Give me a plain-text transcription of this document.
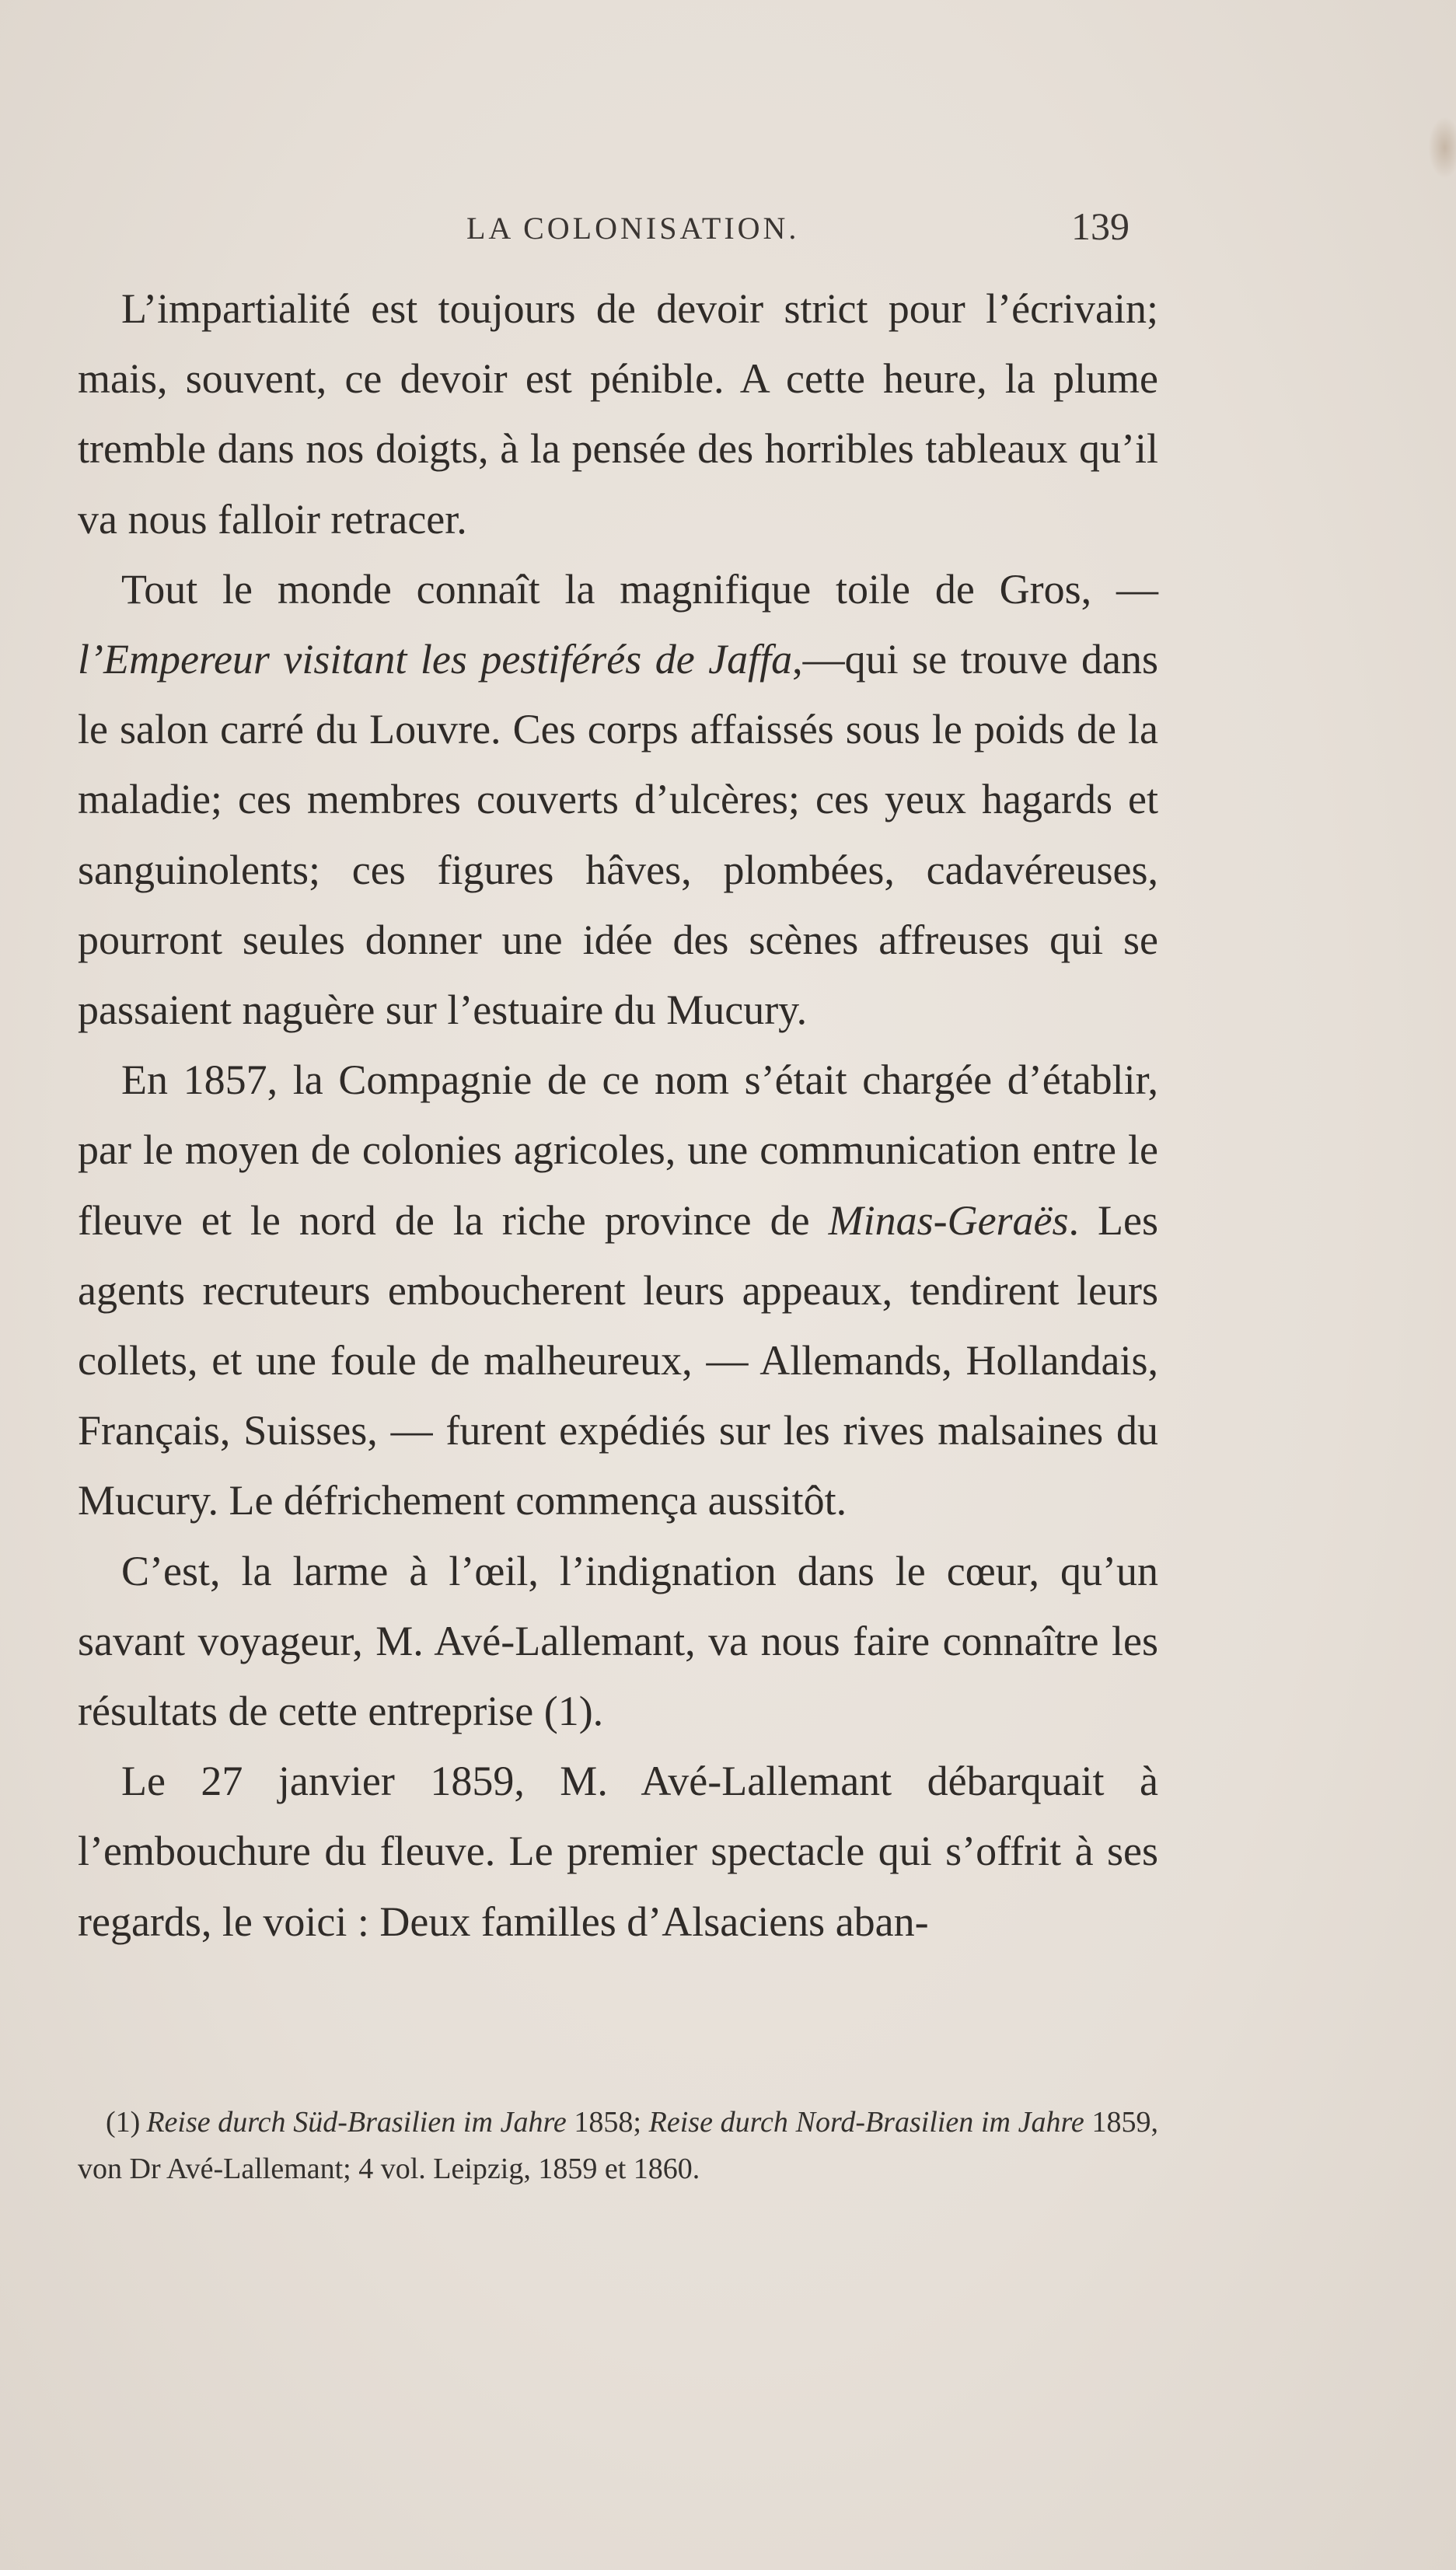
LA COLONISATION.	139

L’impartialité est toujours de devoir strict pour l’écrivain; mais, souvent, ce devoir est pénible. A cette heure, la plume tremble dans nos doigts, à la pensée des horribles tableaux qu’il va nous falloir retracer.

Tout le monde connaît la magnifique toile de Gros, — l’Empereur visitant les pestiférés de Jaffa,—qui se trouve dans le salon carré du Louvre. Ces corps affaissés sous le poids de la maladie; ces membres couverts d’ulcères; ces yeux hagards et sanguinolents; ces figures hâves, plombées, cadavéreuses, pourront seules donner une idée des scènes affreuses qui se passaient naguère sur l’estuaire du Mucury.

En 1857, la Compagnie de ce nom s’était chargée d’établir, par le moyen de colonies agricoles, une communication entre le fleuve et le nord de la riche province de Minas-Geraës. Les agents recruteurs emboucherent leurs appeaux, tendirent leurs collets, et une foule de malheureux, — Allemands, Hollandais, Français, Suisses, — furent expédiés sur les rives malsaines du Mucury. Le défrichement commença aussitôt.

C’est, la larme à l’œil, l’indignation dans le cœur, qu’un savant voyageur, M. Avé-Lallemant, va nous faire connaître les résultats de cette entreprise (1).

Le 27 janvier 1859, M. Avé-Lallemant débarquait à l’embouchure du fleuve. Le premier spectacle qui s’offrit à ses regards, le voici : Deux familles d’Alsaciens aban-

(1) Reise durch Süd-Brasilien im Jahre 1858; Reise durch Nord-Brasilien im Jahre 1859, von Dr Avé-Lallemant; 4 vol. Leipzig, 1859 et 1860.
